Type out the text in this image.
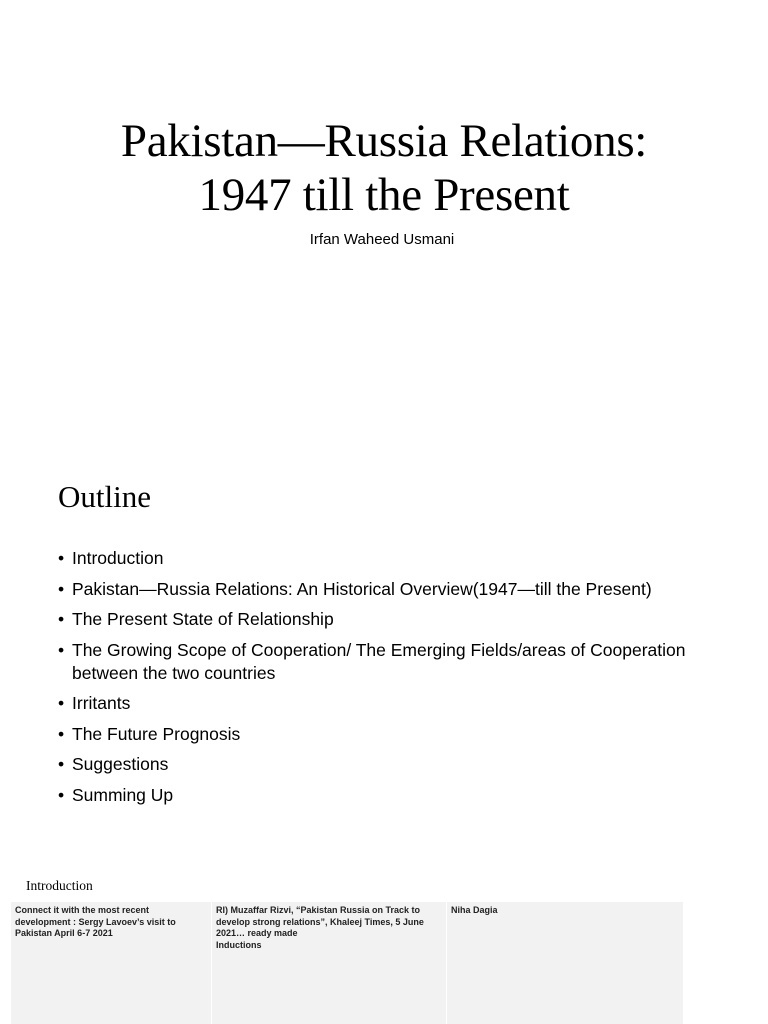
Pakistan—Russia Relations:
1947 till the Present
Irfan Waheed Usmani
Outline
• Introduction
• Pakistan—Russia Relations: An Historical Overview(1947—till the Present)
• The Present State of Relationship
• The Growing Scope of Cooperation/ The Emerging Fields/areas of Cooperation between the two countries
• Irritants
• The Future Prognosis
• Suggestions
• Summing Up
Introduction
Connect it with the most recent development : Sergy Lavoev’s visit to Pakistan April 6-7 2021
RI) Muzaffar Rizvi, “Pakistan Russia on Track to develop strong relations”, Khaleej Times, 5 June 2021… ready made
Inductions
Niha Dagia
